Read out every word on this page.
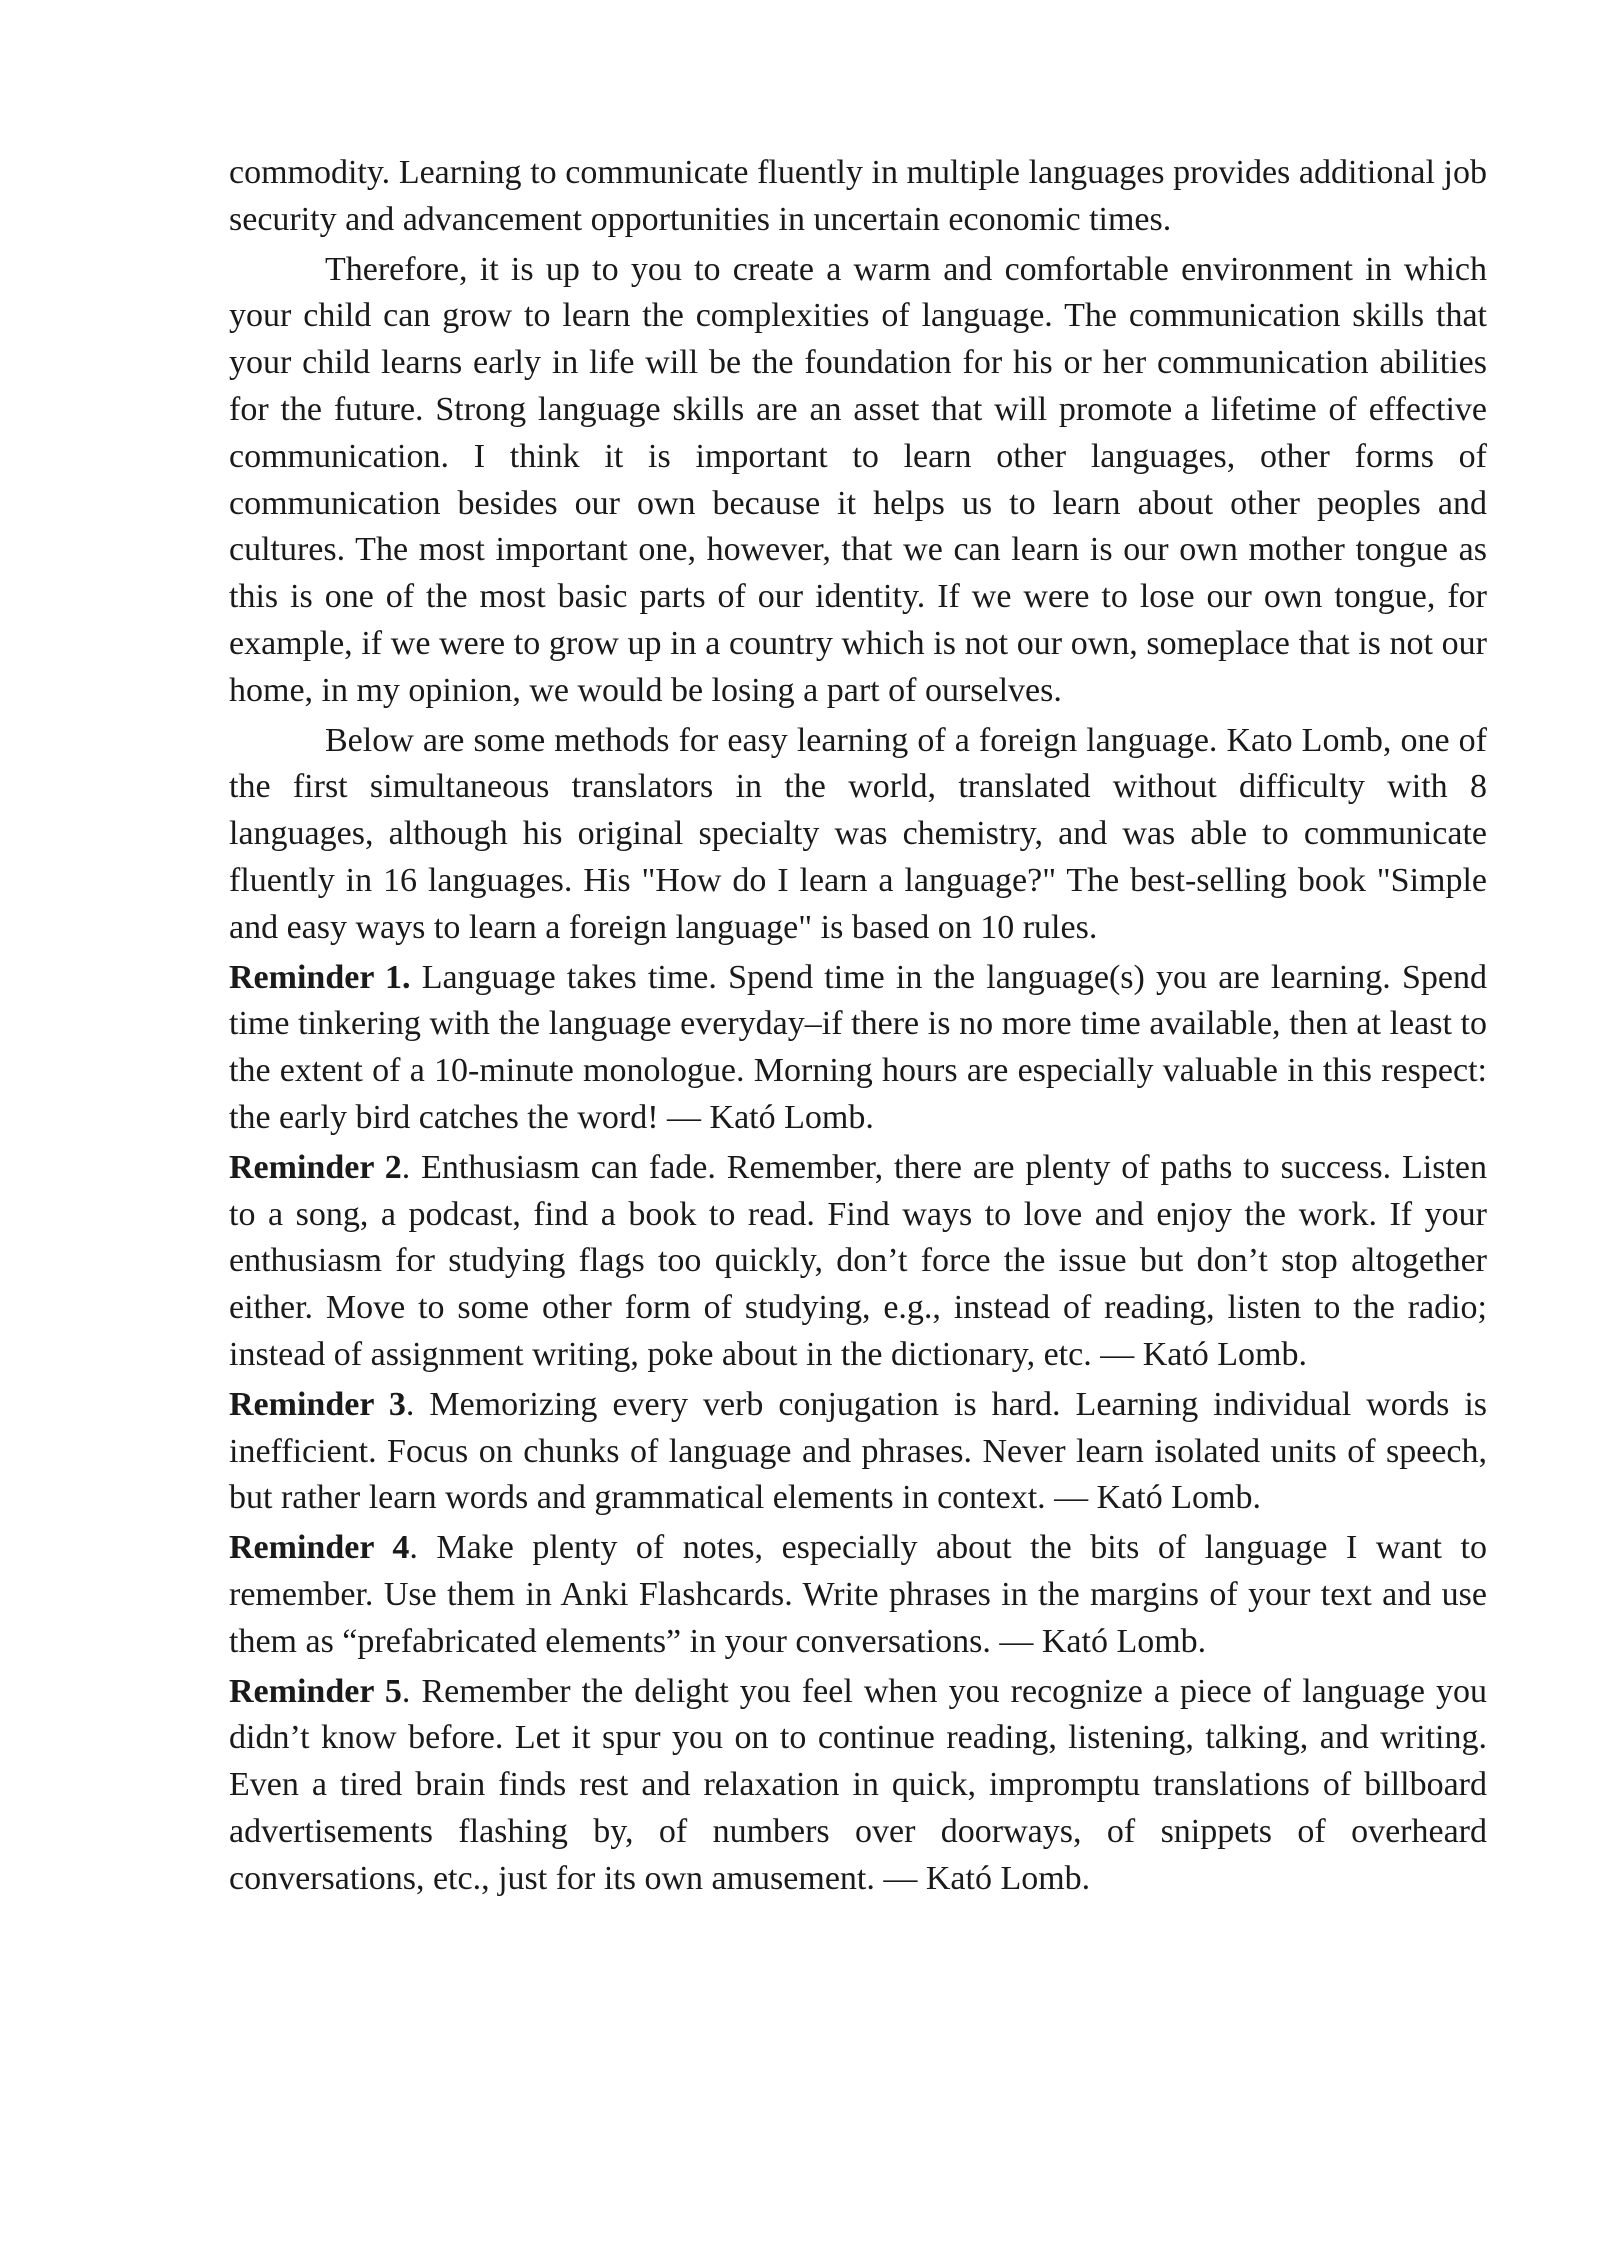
commodity. Learning to communicate fluently in multiple languages provides additional job security and advancement opportunities in uncertain economic times.

Therefore, it is up to you to create a warm and comfortable environment in which your child can grow to learn the complexities of language. The communication skills that your child learns early in life will be the foundation for his or her communication abilities for the future. Strong language skills are an asset that will promote a lifetime of effective communication. I think it is important to learn other languages, other forms of communication besides our own because it helps us to learn about other peoples and cultures. The most important one, however, that we can learn is our own mother tongue as this is one of the most basic parts of our identity. If we were to lose our own tongue, for example, if we were to grow up in a country which is not our own, someplace that is not our home, in my opinion, we would be losing a part of ourselves.

Below are some methods for easy learning of a foreign language. Kato Lomb, one of the first simultaneous translators in the world, translated without difficulty with 8 languages, although his original specialty was chemistry, and was able to communicate fluently in 16 languages. His "How do I learn a language?" The best-selling book "Simple and easy ways to learn a foreign language" is based on 10 rules.

Reminder 1. Language takes time. Spend time in the language(s) you are learning. Spend time tinkering with the language everyday–if there is no more time available, then at least to the extent of a 10-minute monologue. Morning hours are especially valuable in this respect: the early bird catches the word! — Kató Lomb.

Reminder 2. Enthusiasm can fade. Remember, there are plenty of paths to success. Listen to a song, a podcast, find a book to read. Find ways to love and enjoy the work. If your enthusiasm for studying flags too quickly, don’t force the issue but don’t stop altogether either. Move to some other form of studying, e.g., instead of reading, listen to the radio; instead of assignment writing, poke about in the dictionary, etc. — Kató Lomb.

Reminder 3. Memorizing every verb conjugation is hard. Learning individual words is inefficient. Focus on chunks of language and phrases. Never learn isolated units of speech, but rather learn words and grammatical elements in context. — Kató Lomb.

Reminder 4. Make plenty of notes, especially about the bits of language I want to remember. Use them in Anki Flashcards. Write phrases in the margins of your text and use them as “prefabricated elements” in your conversations. — Kató Lomb.

Reminder 5. Remember the delight you feel when you recognize a piece of language you didn’t know before. Let it spur you on to continue reading, listening, talking, and writing. Even a tired brain finds rest and relaxation in quick, impromptu translations of billboard advertisements flashing by, of numbers over doorways, of snippets of overheard conversations, etc., just for its own amusement. — Kató Lomb.
